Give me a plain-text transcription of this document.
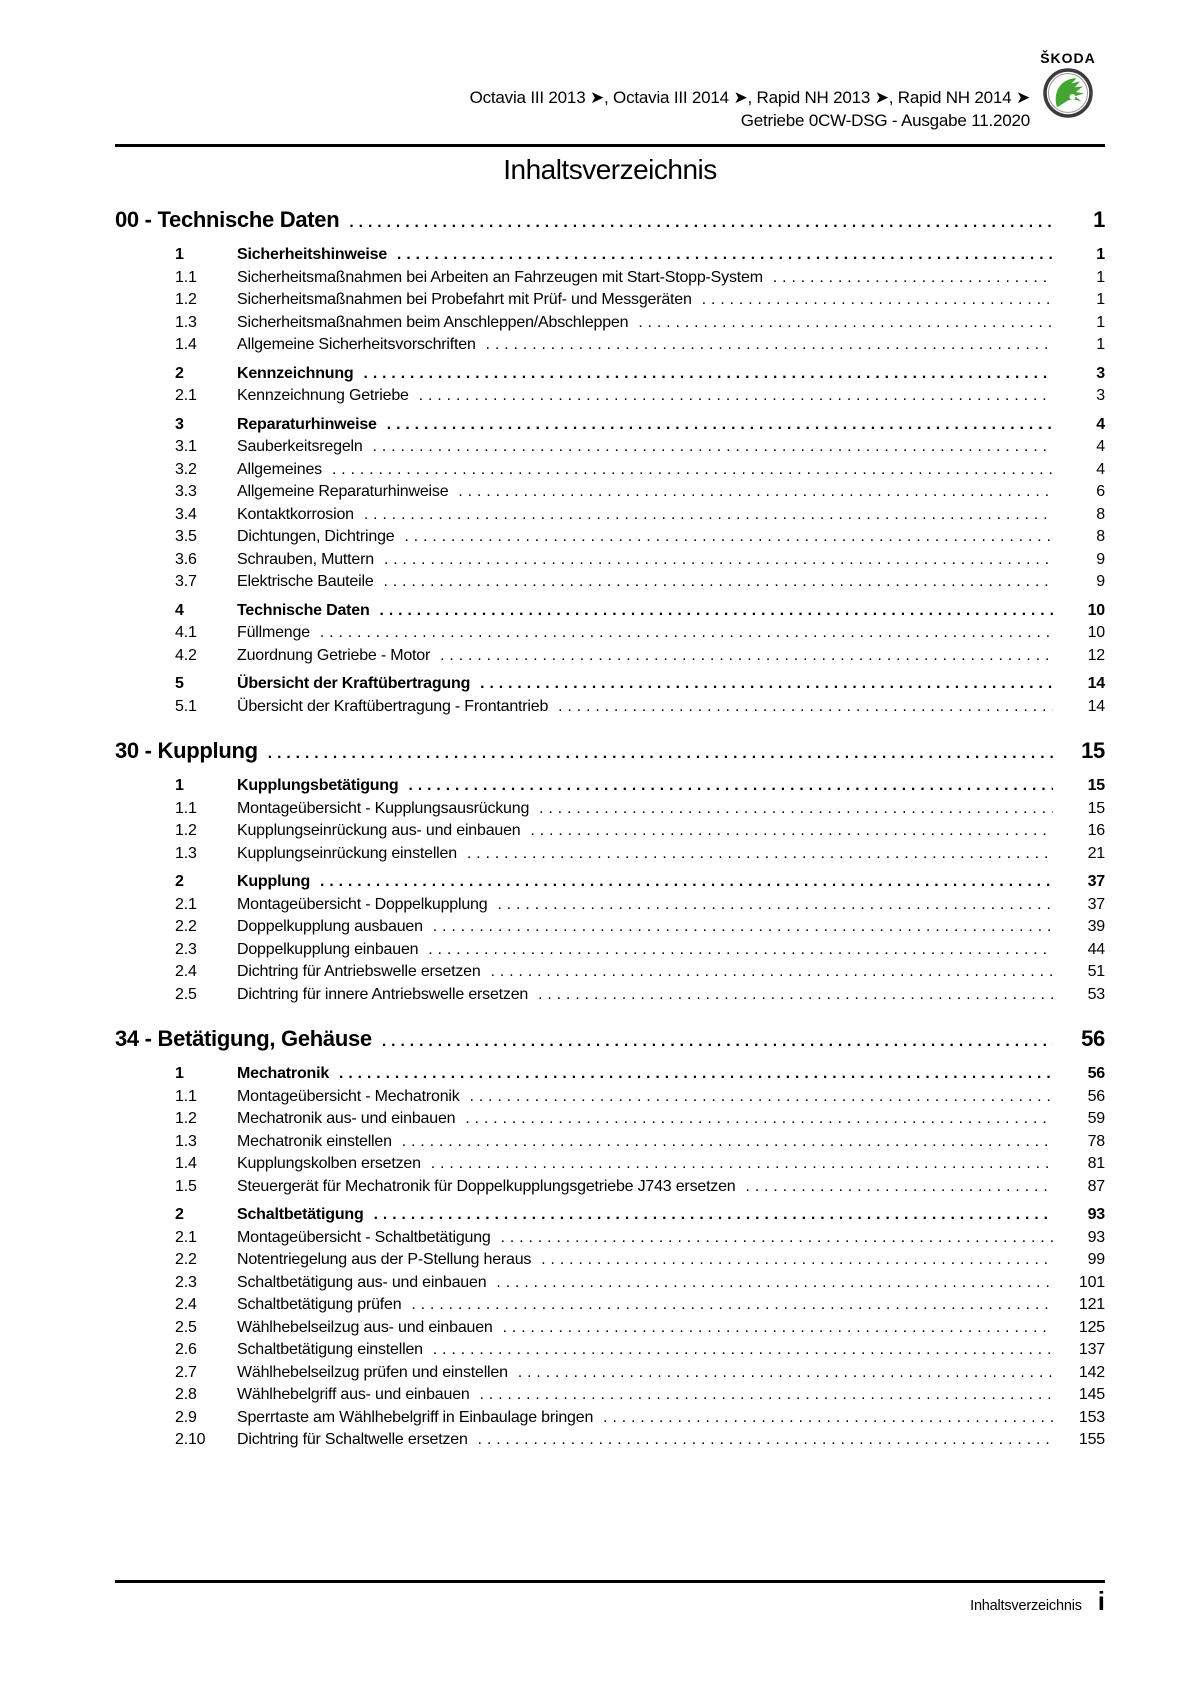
Octavia III 2013 ➤, Octavia III 2014 ➤, Rapid NH 2013 ➤, Rapid NH 2014 ➤
Getriebe 0CW-DSG - Ausgabe 11.2020
ŠKODA
Inhaltsverzeichnis
00 - Technische Daten .....	1
1	Sicherheitshinweise .....	1
1.1	Sicherheitsmaßnahmen bei Arbeiten an Fahrzeugen mit Start-Stopp-System .....	1
1.2	Sicherheitsmaßnahmen bei Probefahrt mit Prüf- und Messgeräten .....	1
1.3	Sicherheitsmaßnahmen beim Anschleppen/Abschleppen .....	1
1.4	Allgemeine Sicherheitsvorschriften .....	1
2	Kennzeichnung .....	3
2.1	Kennzeichnung Getriebe .....	3
3	Reparaturhinweise .....	4
3.1	Sauberkeitsregeln .....	4
3.2	Allgemeines .....	4
3.3	Allgemeine Reparaturhinweise .....	6
3.4	Kontaktkorrosion .....	8
3.5	Dichtungen, Dichtringe .....	8
3.6	Schrauben, Muttern .....	9
3.7	Elektrische Bauteile .....	9
4	Technische Daten .....	10
4.1	Füllmenge .....	10
4.2	Zuordnung Getriebe - Motor .....	12
5	Übersicht der Kraftübertragung .....	14
5.1	Übersicht der Kraftübertragung - Frontantrieb .....	14
30 - Kupplung .....	15
1	Kupplungsbetätigung .....	15
1.1	Montageübersicht - Kupplungsausrückung .....	15
1.2	Kupplungseinrückung aus- und einbauen .....	16
1.3	Kupplungseinrückung einstellen .....	21
2	Kupplung .....	37
2.1	Montageübersicht - Doppelkupplung .....	37
2.2	Doppelkupplung ausbauen .....	39
2.3	Doppelkupplung einbauen .....	44
2.4	Dichtring für Antriebswelle ersetzen .....	51
2.5	Dichtring für innere Antriebswelle ersetzen .....	53
34 - Betätigung, Gehäuse .....	56
1	Mechatronik .....	56
1.1	Montageübersicht - Mechatronik .....	56
1.2	Mechatronik aus- und einbauen .....	59
1.3	Mechatronik einstellen .....	78
1.4	Kupplungskolben ersetzen .....	81
1.5	Steuergerät für Mechatronik für Doppelkupplungsgetriebe J743 ersetzen .....	87
2	Schaltbetätigung .....	93
2.1	Montageübersicht - Schaltbetätigung .....	93
2.2	Notentriegelung aus der P-Stellung heraus .....	99
2.3	Schaltbetätigung aus- und einbauen .....	101
2.4	Schaltbetätigung prüfen .....	121
2.5	Wählhebelseilzug aus- und einbauen .....	125
2.6	Schaltbetätigung einstellen .....	137
2.7	Wählhebelseilzug prüfen und einstellen .....	142
2.8	Wählhebelgriff aus- und einbauen .....	145
2.9	Sperrtaste am Wählhebelgriff in Einbaulage bringen .....	153
2.10	Dichtring für Schaltwelle ersetzen .....	155
Inhaltsverzeichnis i
